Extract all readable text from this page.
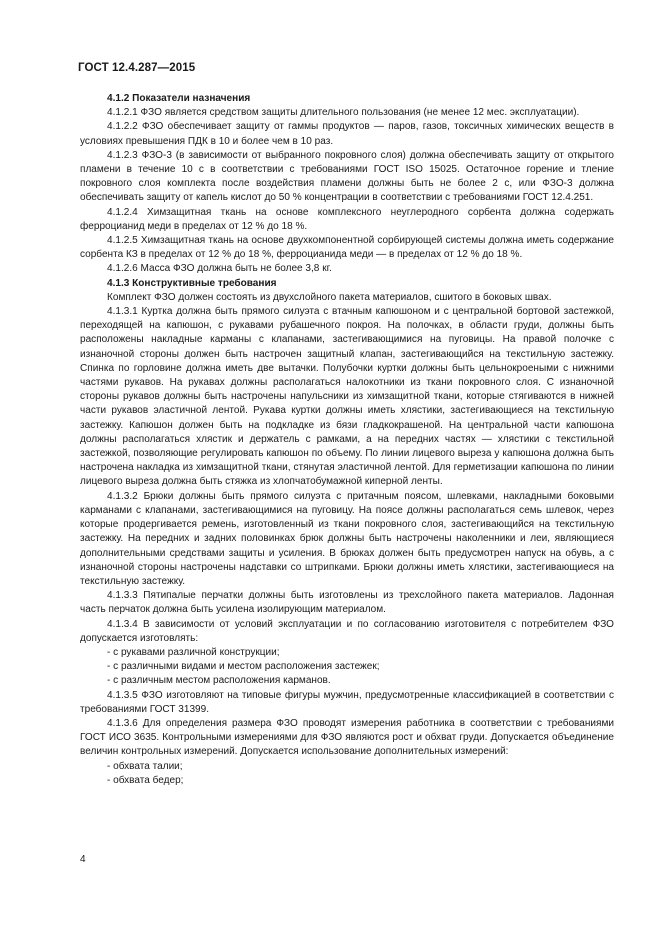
ГОСТ 12.4.287—2015

4.1.2 Показатели назначения

4.1.2.1 ФЗО является средством защиты длительного пользования (не менее 12 мес. эксплуатации).

4.1.2.2 ФЗО обеспечивает защиту от гаммы продуктов — паров, газов, токсичных химических веществ в условиях превышения ПДК в 10 и более чем в 10 раз.

4.1.2.3 ФЗО-3 (в зависимости от выбранного покровного слоя) должна обеспечивать защиту от открытого пламени в течение 10 с в соответствии с требованиями ГОСТ ISO 15025. Остаточное горение и тление покровного слоя комплекта после воздействия пламени должны быть не более 2 с, или ФЗО-3 должна обеспечивать защиту от капель кислот до 50 % концентрации в соответствии с требованиями ГОСТ 12.4.251.

4.1.2.4 Химзащитная ткань на основе комплексного неуглеродного сорбента должна содержать ферроцианид меди в пределах от 12 % до 18 %.

4.1.2.5 Химзащитная ткань на основе двухкомпонентной сорбирующей системы должна иметь содержание сорбента КЗ в пределах от 12 % до 18 %, ферроцианида меди — в пределах от 12 % до 18 %.

4.1.2.6 Масса ФЗО должна быть не более 3,8 кг.

4.1.3 Конструктивные требования

Комплект ФЗО должен состоять из двухслойного пакета материалов, сшитого в боковых швах.

4.1.3.1 Куртка должна быть прямого силуэта с втачным капюшоном и с центральной бортовой застежкой, переходящей на капюшон, с рукавами рубашечного покроя. На полочках, в области груди, должны быть расположены накладные карманы с клапанами, застегивающимися на пуговицы. На правой полочке с изнаночной стороны должен быть настрочен защитный клапан, застегивающийся на текстильную застежку. Спинка по горловине должна иметь две вытачки. Полубочки куртки должны быть цельнокроеными с нижними частями рукавов. На рукавах должны располагаться налокотники из ткани покровного слоя. С изнаночной стороны рукавов должны быть настрочены напульсники из химзащитной ткани, которые стягиваются в нижней части рукавов эластичной лентой. Рукава куртки должны иметь хлястики, застегивающиеся на текстильную застежку. Капюшон должен быть на подкладке из бязи гладкокрашеной. На центральной части капюшона должны располагаться хлястик и держатель с рамками, а на передних частях — хлястики с текстильной застежкой, позволяющие регулировать капюшон по объему. По линии лицевого выреза у капюшона должна быть настрочена накладка из химзащитной ткани, стянутая эластичной лентой. Для герметизации капюшона по линии лицевого выреза должна быть стяжка из хлопчатобумажной киперной ленты.

4.1.3.2 Брюки должны быть прямого силуэта с притачным поясом, шлевками, накладными боковыми карманами с клапанами, застегивающимися на пуговицу. На поясе должны располагаться семь шлевок, через которые продергивается ремень, изготовленный из ткани покровного слоя, застегивающийся на текстильную застежку. На передних и задних половинках брюк должны быть настрочены наколенники и леи, являющиеся дополнительными средствами защиты и усиления. В брюках должен быть предусмотрен напуск на обувь, а с изнаночной стороны настрочены надставки со штрипками. Брюки должны иметь хлястики, застегивающиеся на текстильную застежку.

4.1.3.3 Пятипалые перчатки должны быть изготовлены из трехслойного пакета материалов. Ладонная часть перчаток должна быть усилена изолирующим материалом.

4.1.3.4 В зависимости от условий эксплуатации и по согласованию изготовителя с потребителем ФЗО допускается изготовлять:

- с рукавами различной конструкции;

- с различными видами и местом расположения застежек;

- с различным местом расположения карманов.

4.1.3.5 ФЗО изготовляют на типовые фигуры мужчин, предусмотренные классификацией в соответствии с требованиями ГОСТ 31399.

4.1.3.6 Для определения размера ФЗО проводят измерения работника в соответствии с требованиями ГОСТ ИСО 3635. Контрольными измерениями для ФЗО являются рост и обхват груди. Допускается объединение величин контрольных измерений. Допускается использование дополнительных измерений:

- обхвата талии;

- обхвата бедер;

4
